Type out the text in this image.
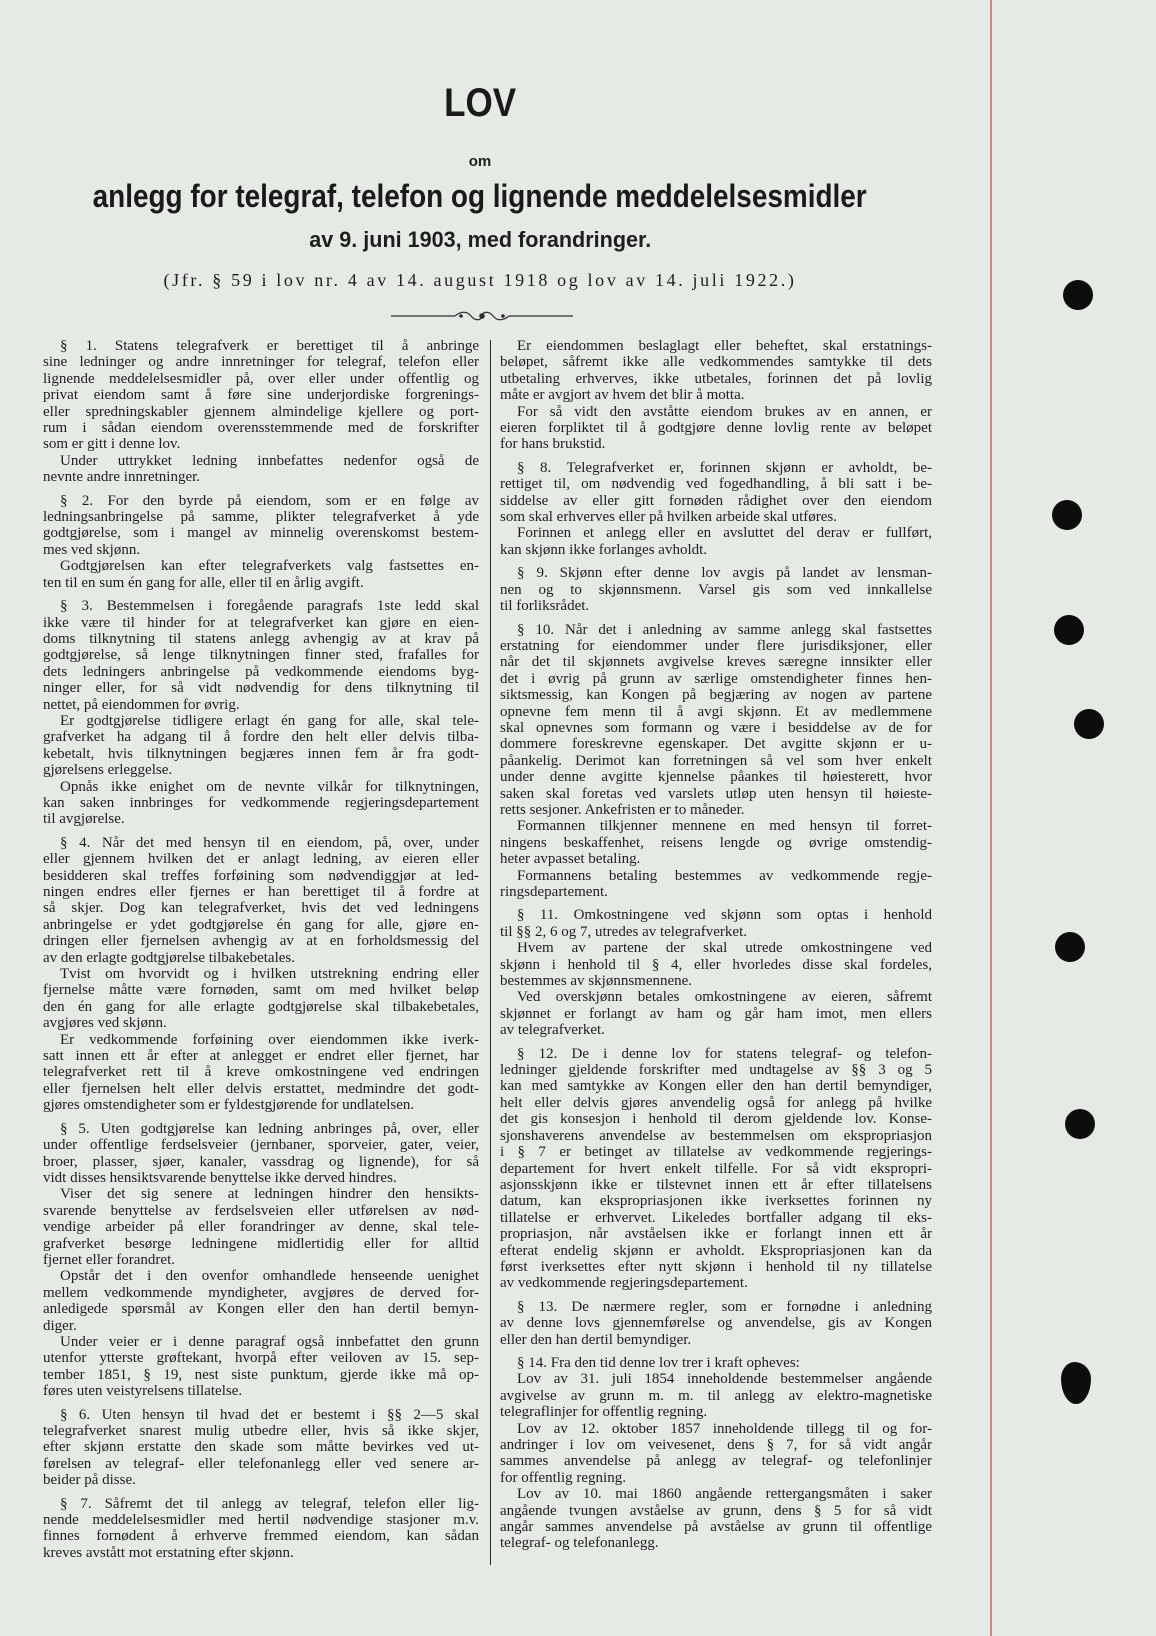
LOV
om
anlegg for telegraf, telefon og lignende meddelelsesmidler
av 9. juni 1903, med forandringer.
(Jfr. § 59 i lov nr. 4 av 14. august 1918 og lov av 14. juli 1922.)
§ 1. Statens telegrafverk er berettiget til å anbringe
sine ledninger og andre innretninger for telegraf, telefon eller
lignende meddelelsesmidler på, over eller under offentlig og
privat eiendom samt å føre sine underjordiske forgrenings-
eller spredningskabler gjennem almindelige kjellere og port-
rum i sådan eiendom overensstemmende med de forskrifter
som er gitt i denne lov.
Under uttrykket ledning innbefattes nedenfor også de
nevnte andre innretninger.
§ 2. For den byrde på eiendom, som er en følge av
ledningsanbringelse på samme, plikter telegrafverket å yde
godtgjørelse, som i mangel av minnelig overenskomst bestem-
mes ved skjønn.
Godtgjørelsen kan efter telegrafverkets valg fastsettes en-
ten til en sum én gang for alle, eller til en årlig avgift.
§ 3. Bestemmelsen i foregående paragrafs 1ste ledd skal
ikke være til hinder for at telegrafverket kan gjøre en eien-
doms tilknytning til statens anlegg avhengig av at krav på
godtgjørelse, så lenge tilknytningen finner sted, frafalles for
dets ledningers anbringelse på vedkommende eiendoms byg-
ninger eller, for så vidt nødvendig for dens tilknytning til
nettet, på eiendommen for øvrig.
Er godtgjørelse tidligere erlagt én gang for alle, skal tele-
grafverket ha adgang til å fordre den helt eller delvis tilba-
kebetalt, hvis tilknytningen begjæres innen fem år fra godt-
gjørelsens erleggelse.
Opnås ikke enighet om de nevnte vilkår for tilknytningen,
kan saken innbringes for vedkommende regjeringsdepartement
til avgjørelse.
§ 4. Når det med hensyn til en eiendom, på, over, under
eller gjennem hvilken det er anlagt ledning, av eieren eller
besidderen skal treffes forføining som nødvendiggjør at led-
ningen endres eller fjernes er han berettiget til å fordre at
så skjer. Dog kan telegrafverket, hvis det ved ledningens
anbringelse er ydet godtgjørelse én gang for alle, gjøre en-
dringen eller fjernelsen avhengig av at en forholdsmessig del
av den erlagte godtgjørelse tilbakebetales.
Tvist om hvorvidt og i hvilken utstrekning endring eller
fjernelse måtte være fornøden, samt om med hvilket beløp
den én gang for alle erlagte godtgjørelse skal tilbakebetales,
avgjøres ved skjønn.
Er vedkommende forføining over eiendommen ikke iverk-
satt innen ett år efter at anlegget er endret eller fjernet, har
telegrafverket rett til å kreve omkostningene ved endringen
eller fjernelsen helt eller delvis erstattet, medmindre det godt-
gjøres omstendigheter som er fyldestgjørende for undlatelsen.
§ 5. Uten godtgjørelse kan ledning anbringes på, over, eller
under offentlige ferdselsveier (jernbaner, sporveier, gater, veier,
broer, plasser, sjøer, kanaler, vassdrag og lignende), for så
vidt disses hensiktsvarende benyttelse ikke derved hindres.
Viser det sig senere at ledningen hindrer den hensikts-
svarende benyttelse av ferdselsveien eller utførelsen av nød-
vendige arbeider på eller forandringer av denne, skal tele-
grafverket besørge ledningene midlertidig eller for alltid
fjernet eller forandret.
Opstår det i den ovenfor omhandlede henseende uenighet
mellem vedkommende myndigheter, avgjøres de derved for-
anledigede spørsmål av Kongen eller den han dertil bemyn-
diger.
Under veier er i denne paragraf også innbefattet den grunn
utenfor ytterste grøftekant, hvorpå efter veiloven av 15. sep-
tember 1851, § 19, nest siste punktum, gjerde ikke må op-
føres uten veistyrelsens tillatelse.
§ 6. Uten hensyn til hvad det er bestemt i §§ 2—5 skal
telegrafverket snarest mulig utbedre eller, hvis så ikke skjer,
efter skjønn erstatte den skade som måtte bevirkes ved ut-
førelsen av telegraf- eller telefonanlegg eller ved senere ar-
beider på disse.
§ 7. Såfremt det til anlegg av telegraf, telefon eller lig-
nende meddelelsesmidler med hertil nødvendige stasjoner m.v.
finnes fornødent å erhverve fremmed eiendom, kan sådan
kreves avstått mot erstatning efter skjønn.
Er eiendommen beslaglagt eller beheftet, skal erstatnings-
beløpet, såfremt ikke alle vedkommendes samtykke til dets
utbetaling erhverves, ikke utbetales, forinnen det på lovlig
måte er avgjort av hvem det blir å motta.
For så vidt den avståtte eiendom brukes av en annen, er
eieren forpliktet til å godtgjøre denne lovlig rente av beløpet
for hans brukstid.
§ 8. Telegrafverket er, forinnen skjønn er avholdt, be-
rettiget til, om nødvendig ved fogedhandling, å bli satt i be-
siddelse av eller gitt fornøden rådighet over den eiendom
som skal erhverves eller på hvilken arbeide skal utføres.
Forinnen et anlegg eller en avsluttet del derav er fullført,
kan skjønn ikke forlanges avholdt.
§ 9. Skjønn efter denne lov avgis på landet av lensman-
nen og to skjønnsmenn. Varsel gis som ved innkallelse
til forliksrådet.
§ 10. Når det i anledning av samme anlegg skal fastsettes
erstatning for eiendommer under flere jurisdiksjoner, eller
når det til skjønnets avgivelse kreves særegne innsikter eller
det i øvrig på grunn av særlige omstendigheter finnes hen-
siktsmessig, kan Kongen på begjæring av nogen av partene
opnevne fem menn til å avgi skjønn. Et av medlemmene
skal opnevnes som formann og være i besiddelse av de for
dommere foreskrevne egenskaper. Det avgitte skjønn er u-
påankelig. Derimot kan forretningen så vel som hver enkelt
under denne avgitte kjennelse påankes til høiesterett, hvor
saken skal foretas ved varslets utløp uten hensyn til høieste-
retts sesjoner. Ankefristen er to måneder.
Formannen tilkjenner mennene en med hensyn til forret-
ningens beskaffenhet, reisens lengde og øvrige omstendig-
heter avpasset betaling.
Formannens betaling bestemmes av vedkommende regje-
ringsdepartement.
§ 11. Omkostningene ved skjønn som optas i henhold
til §§ 2, 6 og 7, utredes av telegrafverket.
Hvem av partene der skal utrede omkostningene ved
skjønn i henhold til § 4, eller hvorledes disse skal fordeles,
bestemmes av skjønnsmennene.
Ved overskjønn betales omkostningene av eieren, såfremt
skjønnet er forlangt av ham og går ham imot, men ellers
av telegrafverket.
§ 12. De i denne lov for statens telegraf- og telefon-
ledninger gjeldende forskrifter med undtagelse av §§ 3 og 5
kan med samtykke av Kongen eller den han dertil bemyndiger,
helt eller delvis gjøres anvendelig også for anlegg på hvilke
det gis konsesjon i henhold til derom gjeldende lov. Konse-
sjonshaverens anvendelse av bestemmelsen om ekspropriasjon
i § 7 er betinget av tillatelse av vedkommende regjerings-
departement for hvert enkelt tilfelle. For så vidt ekspropri-
asjonsskjønn ikke er tilstevnet innen ett år efter tillatelsens
datum, kan ekspropriasjonen ikke iverksettes forinnen ny
tillatelse er erhvervet. Likeledes bortfaller adgang til eks-
propriasjon, når avståelsen ikke er forlangt innen ett år
efterat endelig skjønn er avholdt. Ekspropriasjonen kan da
først iverksettes efter nytt skjønn i henhold til ny tillatelse
av vedkommende regjeringsdepartement.
§ 13. De nærmere regler, som er fornødne i anledning
av denne lovs gjennemførelse og anvendelse, gis av Kongen
eller den han dertil bemyndiger.
§ 14. Fra den tid denne lov trer i kraft opheves:
Lov av 31. juli 1854 inneholdende bestemmelser angående
avgivelse av grunn m. m. til anlegg av elektro-magnetiske
telegraflinjer for offentlig regning.
Lov av 12. oktober 1857 inneholdende tillegg til og for-
andringer i lov om veivesenet, dens § 7, for så vidt angår
sammes anvendelse på anlegg av telegraf- og telefonlinjer
for offentlig regning.
Lov av 10. mai 1860 angående rettergangsmåten i saker
angående tvungen avståelse av grunn, dens § 5 for så vidt
angår sammes anvendelse på avståelse av grunn til offentlige
telegraf- og telefonanlegg.
